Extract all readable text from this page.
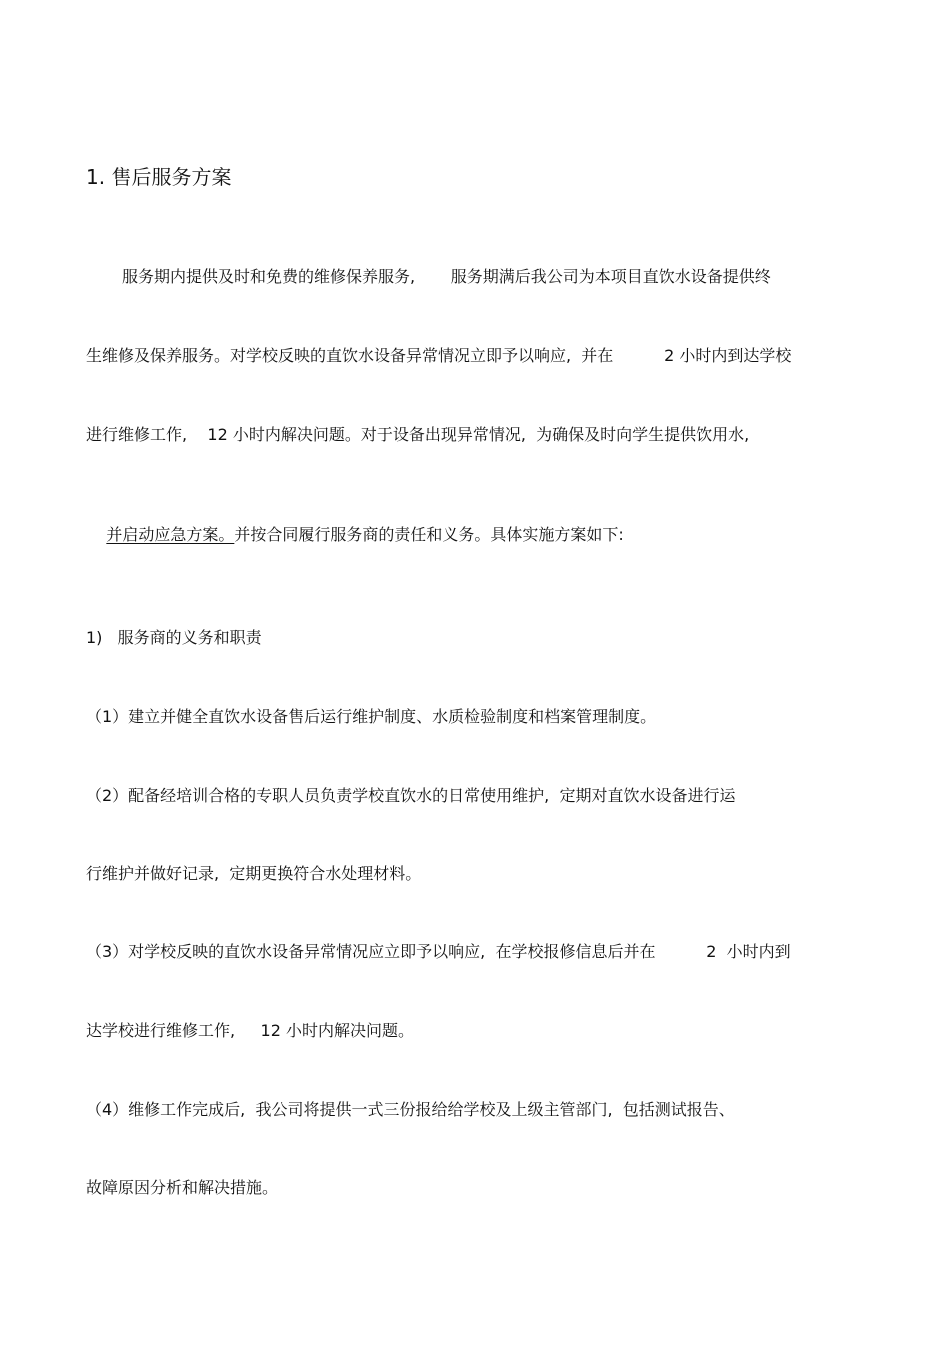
1. 售后服务方案
服务期内提供及时和免费的维修保养服务,       服务期满后我公司为本项目直饮水设备提供终
生维修及保养服务。对学校反映的直饮水设备异常情况立即予以响应,  并在          2 小时内到达学校
进行维修工作,    12 小时内解决问题。对于设备出现异常情况,  为确保及时向学生提供饮用水,

并启动应急方案。并按合同履行服务商的责任和义务。具体实施方案如下:

1)   服务商的义务和职责
（1）建立并健全直饮水设备售后运行维护制度、水质检验制度和档案管理制度。
（2）配备经培训合格的专职人员负责学校直饮水的日常使用维护,  定期对直饮水设备进行运
行维护并做好记录,  定期更换符合水处理材料。
（3）对学校反映的直饮水设备异常情况应立即予以响应,  在学校报修信息后并在          2  小时内到
达学校进行维修工作,     12 小时内解决问题。
（4）维修工作完成后,  我公司将提供一式三份报给给学校及上级主管部门,  包括测试报告、
故障原因分析和解决措施。
